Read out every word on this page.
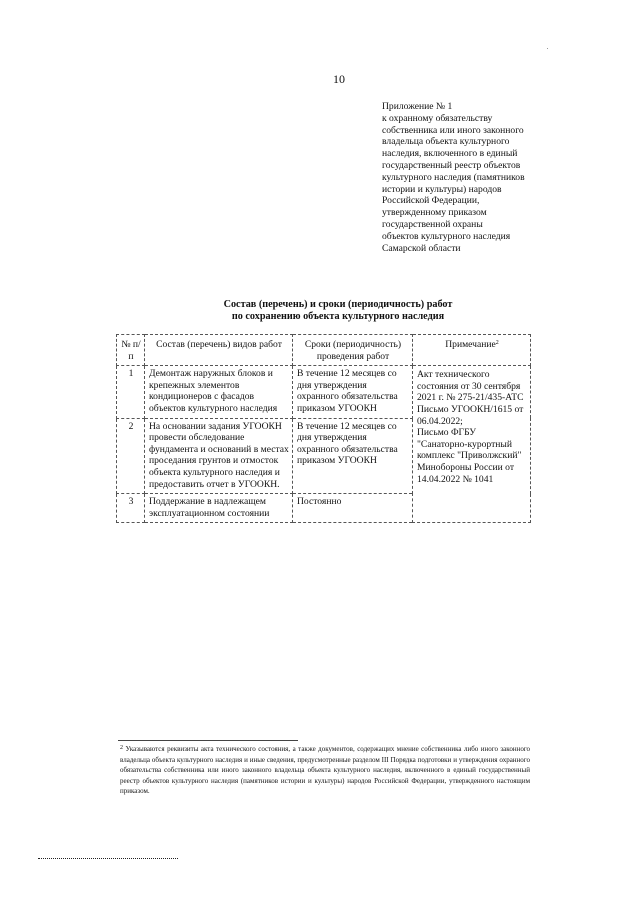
10
Приложение № 1
к охранному обязательству
собственника или иного законного
владельца объекта культурного
наследия, включенного в единый
государственный реестр объектов
культурного наследия (памятников
истории и культуры) народов
Российской Федерации,
утвержденному приказом
государственной охраны
объектов культурного наследия
Самарской области
Состав (перечень) и сроки (периодичность) работ
по сохранению объекта культурного наследия
№ п/п	Состав (перечень) видов работ	Сроки (периодичность) проведения работ	Примечание$^2$
1	Демонтаж наружных блоков и крепежных элементов кондиционеров с фасадов объектов культурного наследия	В течение 12 месяцев со дня утверждения охранного обязательства приказом УГООКН	Акт технического состояния от 30 сентября 2021 г. № 275-21/435-АТС
Письмо УГООКН/1615 от 06.04.2022;
Письмо ФГБУ "Санаторно-курортный комплекс "Приволжский" Минобороны России от 14.04.2022 № 1041

2	На основании задания УГООКН провести обследование фундамента и оснований в местах проседания грунтов и отмосток объекта культурного наследия и предоставить отчет в УГООКН.	В течение 12 месяцев со дня утверждения охранного обязательства приказом УГООКН	
3	Поддержание в надлежащем эксплуатационном состоянии	Постоянно	
$^2$ Указываются реквизиты акта технического состояния, а также документов, содержащих мнение собственника либо иного законного владельца объекта культурного наследия и иные сведения, предусмотренные разделом III Порядка подготовки и утверждения охранного обязательства собственника или иного законного владельца объекта культурного наследия, включенного в единый государственный реестр объектов культурного наследия (памятников истории и культуры) народов Российской Федерации, утвержденного настоящим приказом.
